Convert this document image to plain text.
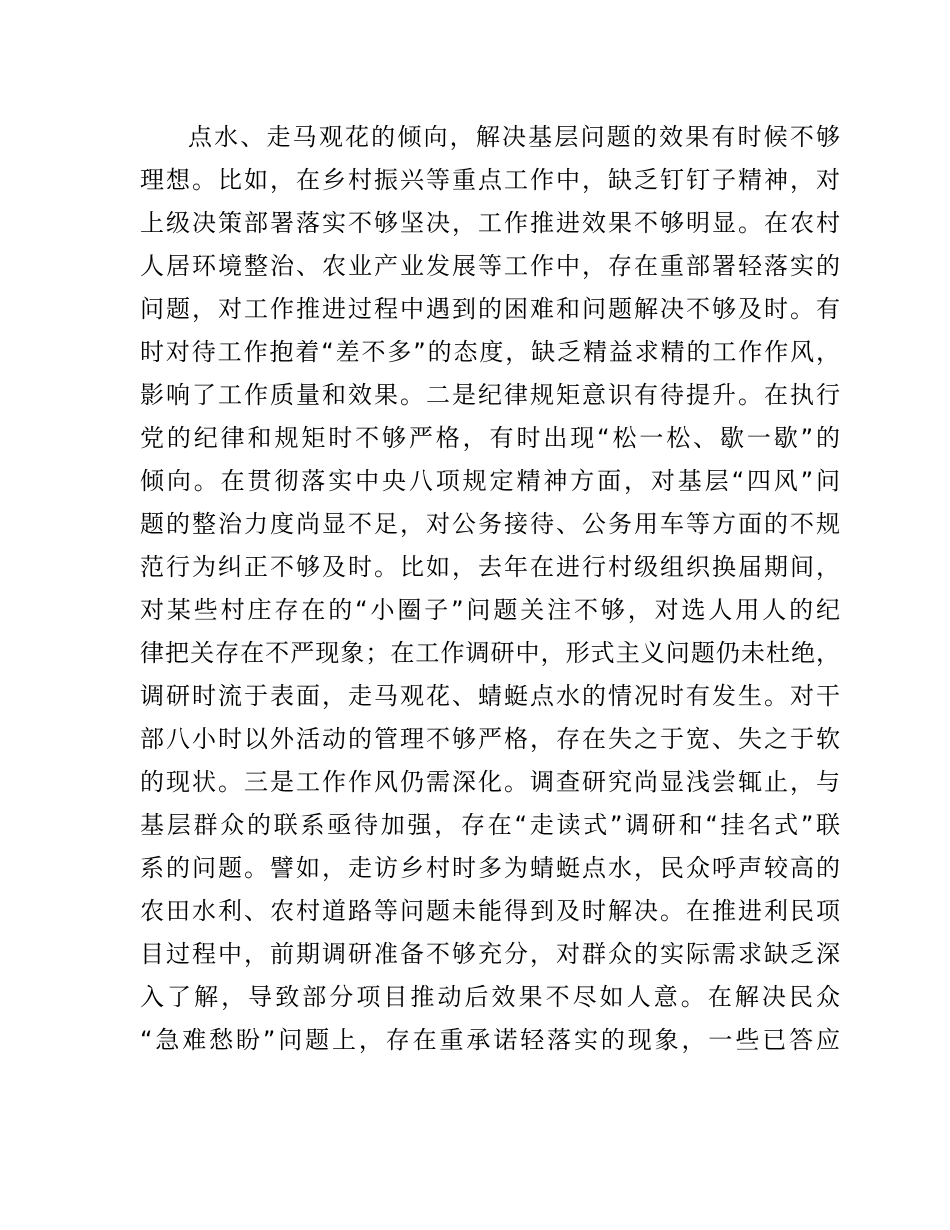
点水、走马观花的倾向，解决基层问题的效果有时候不够
理想。比如，在乡村振兴等重点工作中，缺乏钉钉子精神，对
上级决策部署落实不够坚决，工作推进效果不够明显。在农村
人居环境整治、农业产业发展等工作中，存在重部署轻落实的
问题，对工作推进过程中遇到的困难和问题解决不够及时。有
时对待工作抱着“差不多”的态度，缺乏精益求精的工作作风，
影响了工作质量和效果。二是纪律规矩意识有待提升。在执行
党的纪律和规矩时不够严格，有时出现“松一松、歇一歇”的
倾向。在贯彻落实中央八项规定精神方面，对基层“四风”问
题的整治力度尚显不足，对公务接待、公务用车等方面的不规
范行为纠正不够及时。比如，去年在进行村级组织换届期间，
对某些村庄存在的“小圈子”问题关注不够，对选人用人的纪
律把关存在不严现象；在工作调研中，形式主义问题仍未杜绝，
调研时流于表面，走马观花、蜻蜓点水的情况时有发生。对干
部八小时以外活动的管理不够严格，存在失之于宽、失之于软
的现状。三是工作作风仍需深化。调查研究尚显浅尝辄止，与
基层群众的联系亟待加强，存在“走读式”调研和“挂名式”联
系的问题。譬如，走访乡村时多为蜻蜓点水，民众呼声较高的
农田水利、农村道路等问题未能得到及时解决。在推进利民项
目过程中，前期调研准备不够充分，对群众的实际需求缺乏深
入了解，导致部分项目推动后效果不尽如人意。在解决民众
“急难愁盼”问题上，存在重承诺轻落实的现象，一些已答应
